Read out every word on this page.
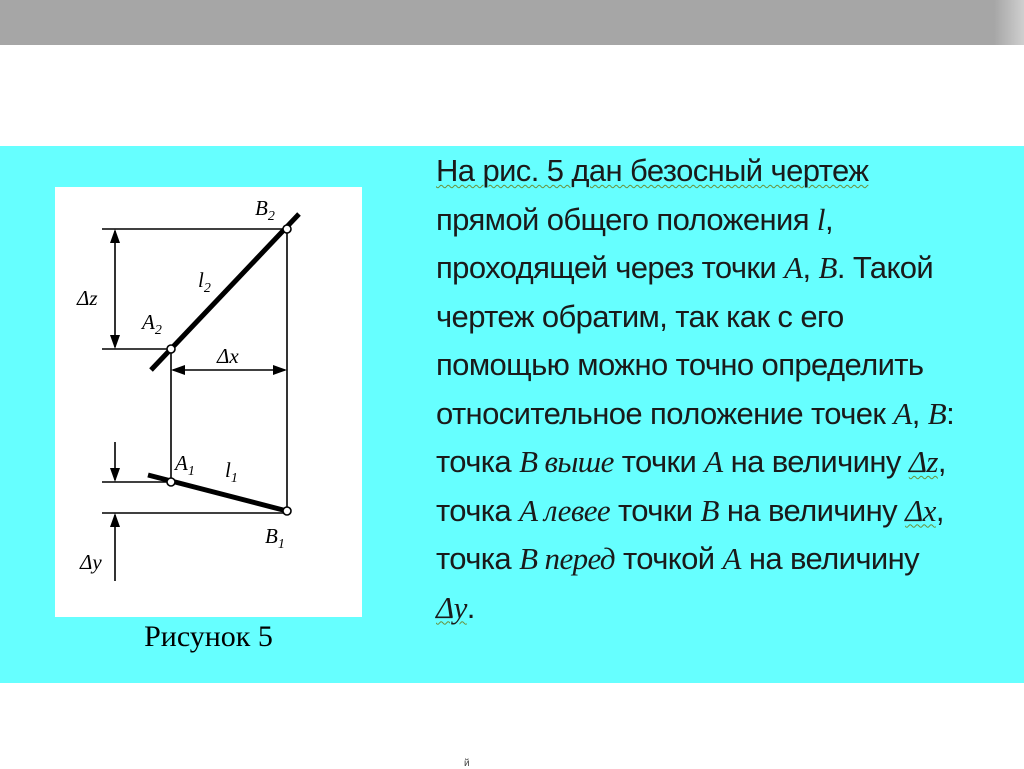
$B_2$
$l_2$
$A_2$
Δz
Δx
$A_1$ $l_1$
$B_1$
Δy

Рисунок 5

На рис. 5 дан безосный чертеж
прямой общего положения l,
проходящей через точки A, B. Такой
чертеж обратим, так как с его
помощью можно точно определить
относительное положение точек A, B:
точка B выше точки A на величину Δz,
точка A левее точки B на величину Δx,
точка B перед точкой A на величину
Δy.

й
